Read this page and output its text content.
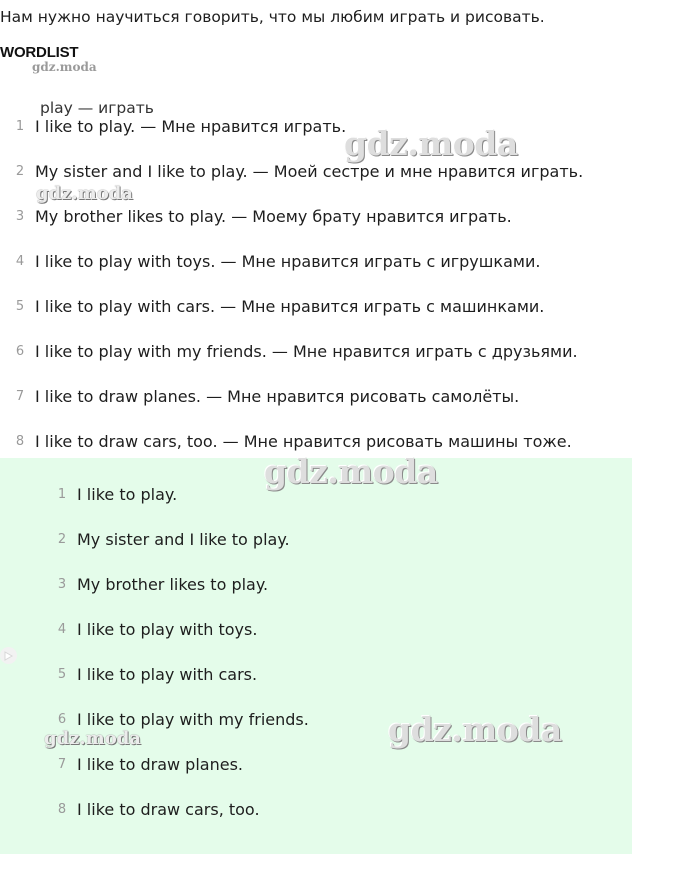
Нам нужно научиться говорить, что мы любим играть и рисовать.
WORDLIST
gdz.moda
play — играть
1 I like to play. — Мне нравится играть.
2 My sister and I like to play. — Моей сестре и мне нравится играть.
3 My brother likes to play. — Моему брату нравится играть.
4 I like to play with toys. — Мне нравится играть с игрушками.
5 I like to play with cars. — Мне нравится играть с машинками.
6 I like to play with my friends. — Мне нравится играть с друзьями.
7 I like to draw planes. — Мне нравится рисовать самолёты.
8 I like to draw cars, too. — Мне нравится рисовать машины тоже.
1 I like to play.
2 My sister and I like to play.
3 My brother likes to play.
4 I like to play with toys.
5 I like to play with cars.
6 I like to play with my friends.
7 I like to draw planes.
8 I like to draw cars, too.
gdz.moda
gdz.moda
gdz.moda
gdz.moda
gdz.moda
